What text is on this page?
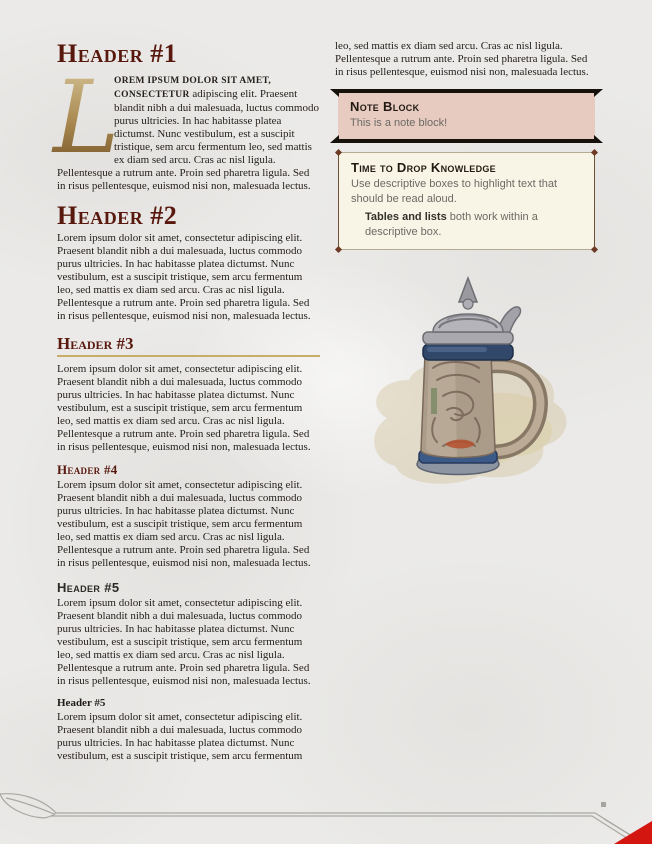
Header #1

L
OREM IPSUM DOLOR SIT AMET, CONSECTETUR adipiscing elit. Praesent blandit nibh a dui malesuada, luctus commodo purus ultricies. In hac habitasse platea dictumst. Nunc vestibulum, est a suscipit tristique, sem arcu fermentum leo, sed mattis ex diam sed arcu. Cras ac nisl ligula. Pellentesque a rutrum ante. Proin sed pharetra ligula. Sed in risus pellentesque, euismod nisi non, malesuada lectus.

Header #2

Lorem ipsum dolor sit amet, consectetur adipiscing elit. Praesent blandit nibh a dui malesuada, luctus commodo purus ultricies. In hac habitasse platea dictumst. Nunc vestibulum, est a suscipit tristique, sem arcu fermentum leo, sed mattis ex diam sed arcu. Cras ac nisl ligula. Pellentesque a rutrum ante. Proin sed pharetra ligula. Sed in risus pellentesque, euismod nisi non, malesuada lectus.

Header #3

Lorem ipsum dolor sit amet, consectetur adipiscing elit. Praesent blandit nibh a dui malesuada, luctus commodo purus ultricies. In hac habitasse platea dictumst. Nunc vestibulum, est a suscipit tristique, sem arcu fermentum leo, sed mattis ex diam sed arcu. Cras ac nisl ligula. Pellentesque a rutrum ante. Proin sed pharetra ligula. Sed in risus pellentesque, euismod nisi non, malesuada lectus.

Header #4

Lorem ipsum dolor sit amet, consectetur adipiscing elit. Praesent blandit nibh a dui malesuada, luctus commodo purus ultricies. In hac habitasse platea dictumst. Nunc vestibulum, est a suscipit tristique, sem arcu fermentum leo, sed mattis ex diam sed arcu. Cras ac nisl ligula. Pellentesque a rutrum ante. Proin sed pharetra ligula. Sed in risus pellentesque, euismod nisi non, malesuada lectus.

Header #5

Lorem ipsum dolor sit amet, consectetur adipiscing elit. Praesent blandit nibh a dui malesuada, luctus commodo purus ultricies. In hac habitasse platea dictumst. Nunc vestibulum, est a suscipit tristique, sem arcu fermentum leo, sed mattis ex diam sed arcu. Cras ac nisl ligula. Pellentesque a rutrum ante. Proin sed pharetra ligula. Sed in risus pellentesque, euismod nisi non, malesuada lectus.

Header #5

Lorem ipsum dolor sit amet, consectetur adipiscing elit. Praesent blandit nibh a dui malesuada, luctus commodo purus ultricies. In hac habitasse platea dictumst. Nunc vestibulum, est a suscipit tristique, sem arcu fermentum

leo, sed mattis ex diam sed arcu. Cras ac nisl ligula. Pellentesque a rutrum ante. Proin sed pharetra ligula. Sed in risus pellentesque, euismod nisi non, malesuada lectus.

Note Block
This is a note block!
Time to Drop Knowledge
Use descriptive boxes to highlight text that should be read aloud.
Tables and lists both work within a descriptive box.
